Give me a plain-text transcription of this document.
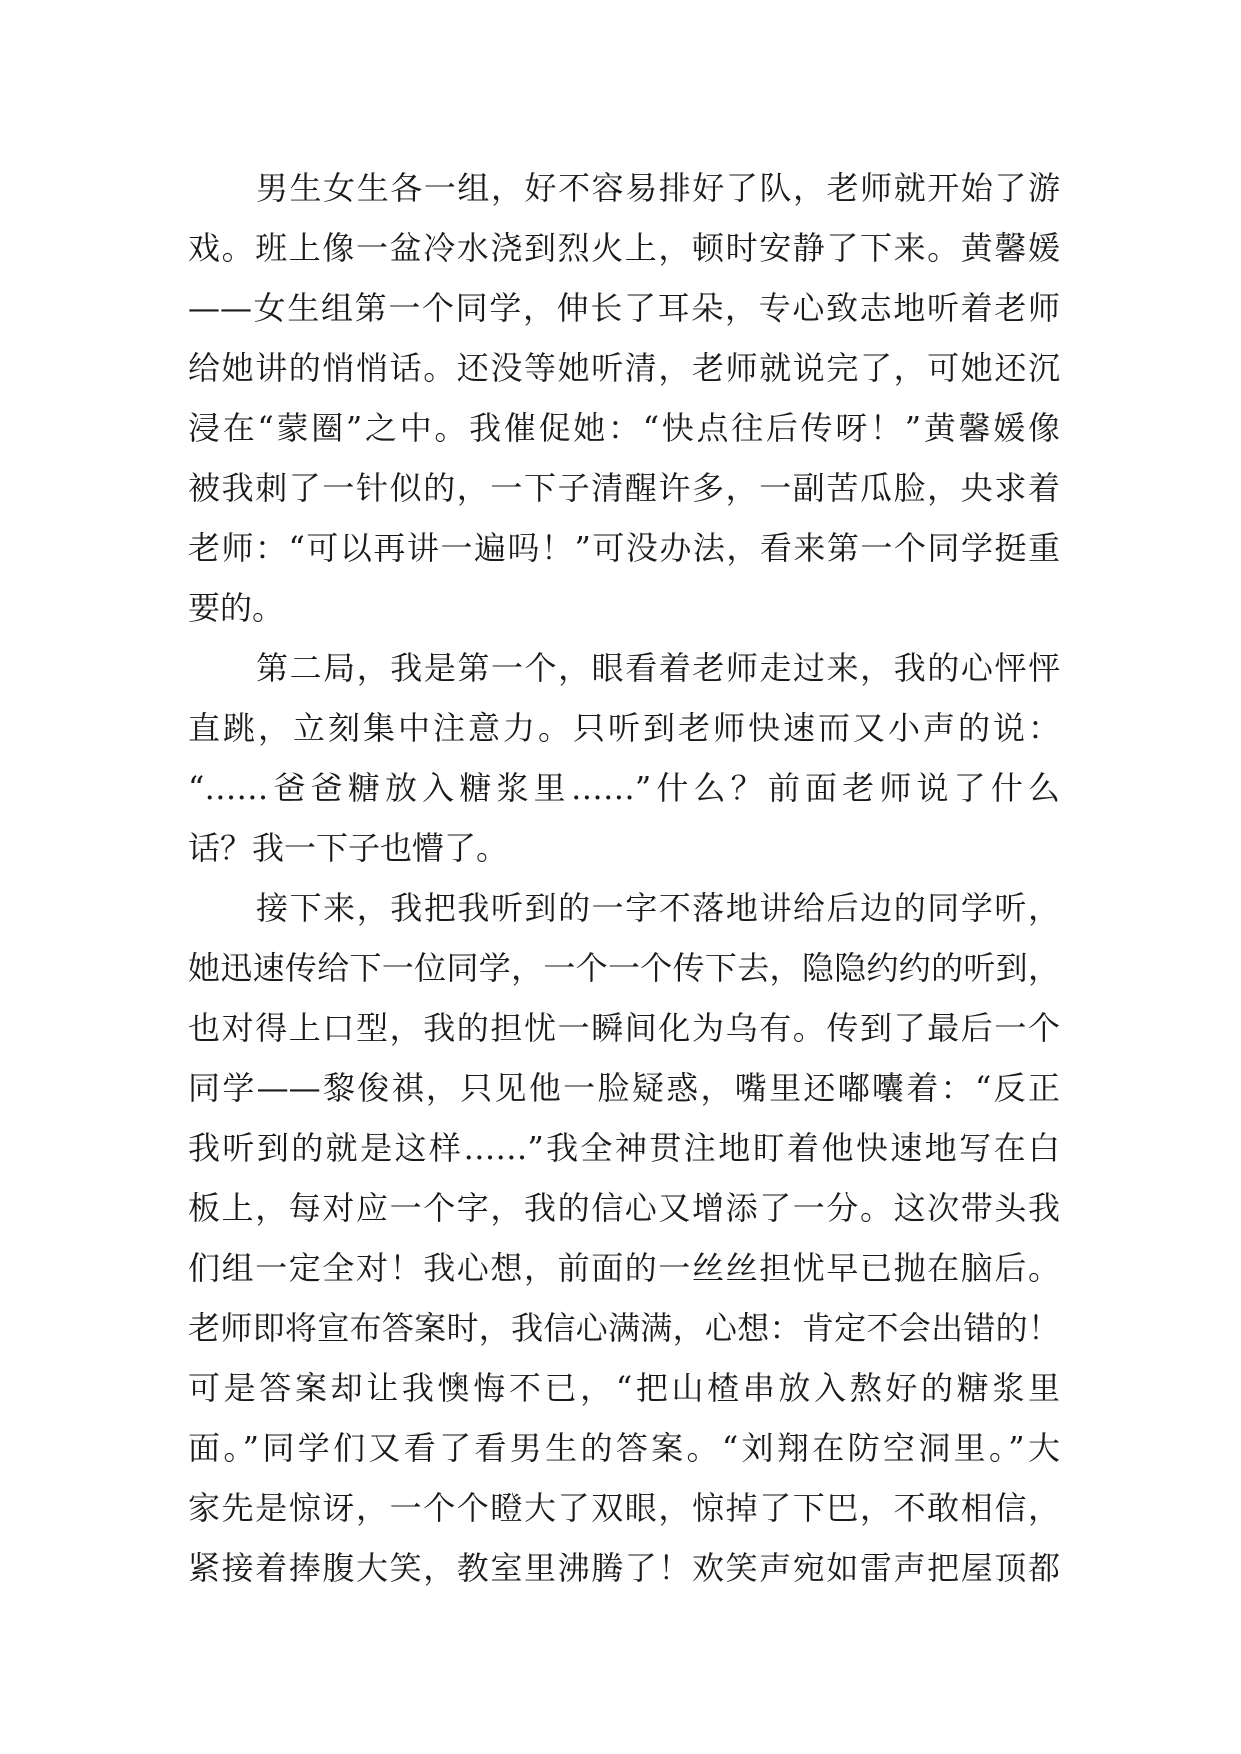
男生女生各一组，好不容易排好了队，老师就开始了游
戏。班上像一盆冷水浇到烈火上，顿时安静了下来。黄馨媛
——女生组第一个同学，伸长了耳朵，专心致志地听着老师
给她讲的悄悄话。还没等她听清，老师就说完了，可她还沉
浸在“蒙圈”之中。我催促她：“快点往后传呀！”黄馨媛像
被我刺了一针似的，一下子清醒许多，一副苦瓜脸，央求着
老师：“可以再讲一遍吗！”可没办法，看来第一个同学挺重
要的。
第二局，我是第一个，眼看着老师走过来，我的心怦怦
直跳，立刻集中注意力。只听到老师快速而又小声的说：
“……爸爸糖放入糖浆里……”什么？前面老师说了什么
话？我一下子也懵了。
接下来，我把我听到的一字不落地讲给后边的同学听，
她迅速传给下一位同学，一个一个传下去，隐隐约约的听到，
也对得上口型，我的担忧一瞬间化为乌有。传到了最后一个
同学——黎俊祺，只见他一脸疑惑，嘴里还嘟囔着：“反正
我听到的就是这样……”我全神贯注地盯着他快速地写在白
板上，每对应一个字，我的信心又增添了一分。这次带头我
们组一定全对！我心想，前面的一丝丝担忧早已抛在脑后。
老师即将宣布答案时，我信心满满，心想：肯定不会出错的！
可是答案却让我懊悔不已，“把山楂串放入熬好的糖浆里
面。”同学们又看了看男生的答案。“刘翔在防空洞里。”大
家先是惊讶，一个个瞪大了双眼，惊掉了下巴，不敢相信，
紧接着捧腹大笑，教室里沸腾了！欢笑声宛如雷声把屋顶都
